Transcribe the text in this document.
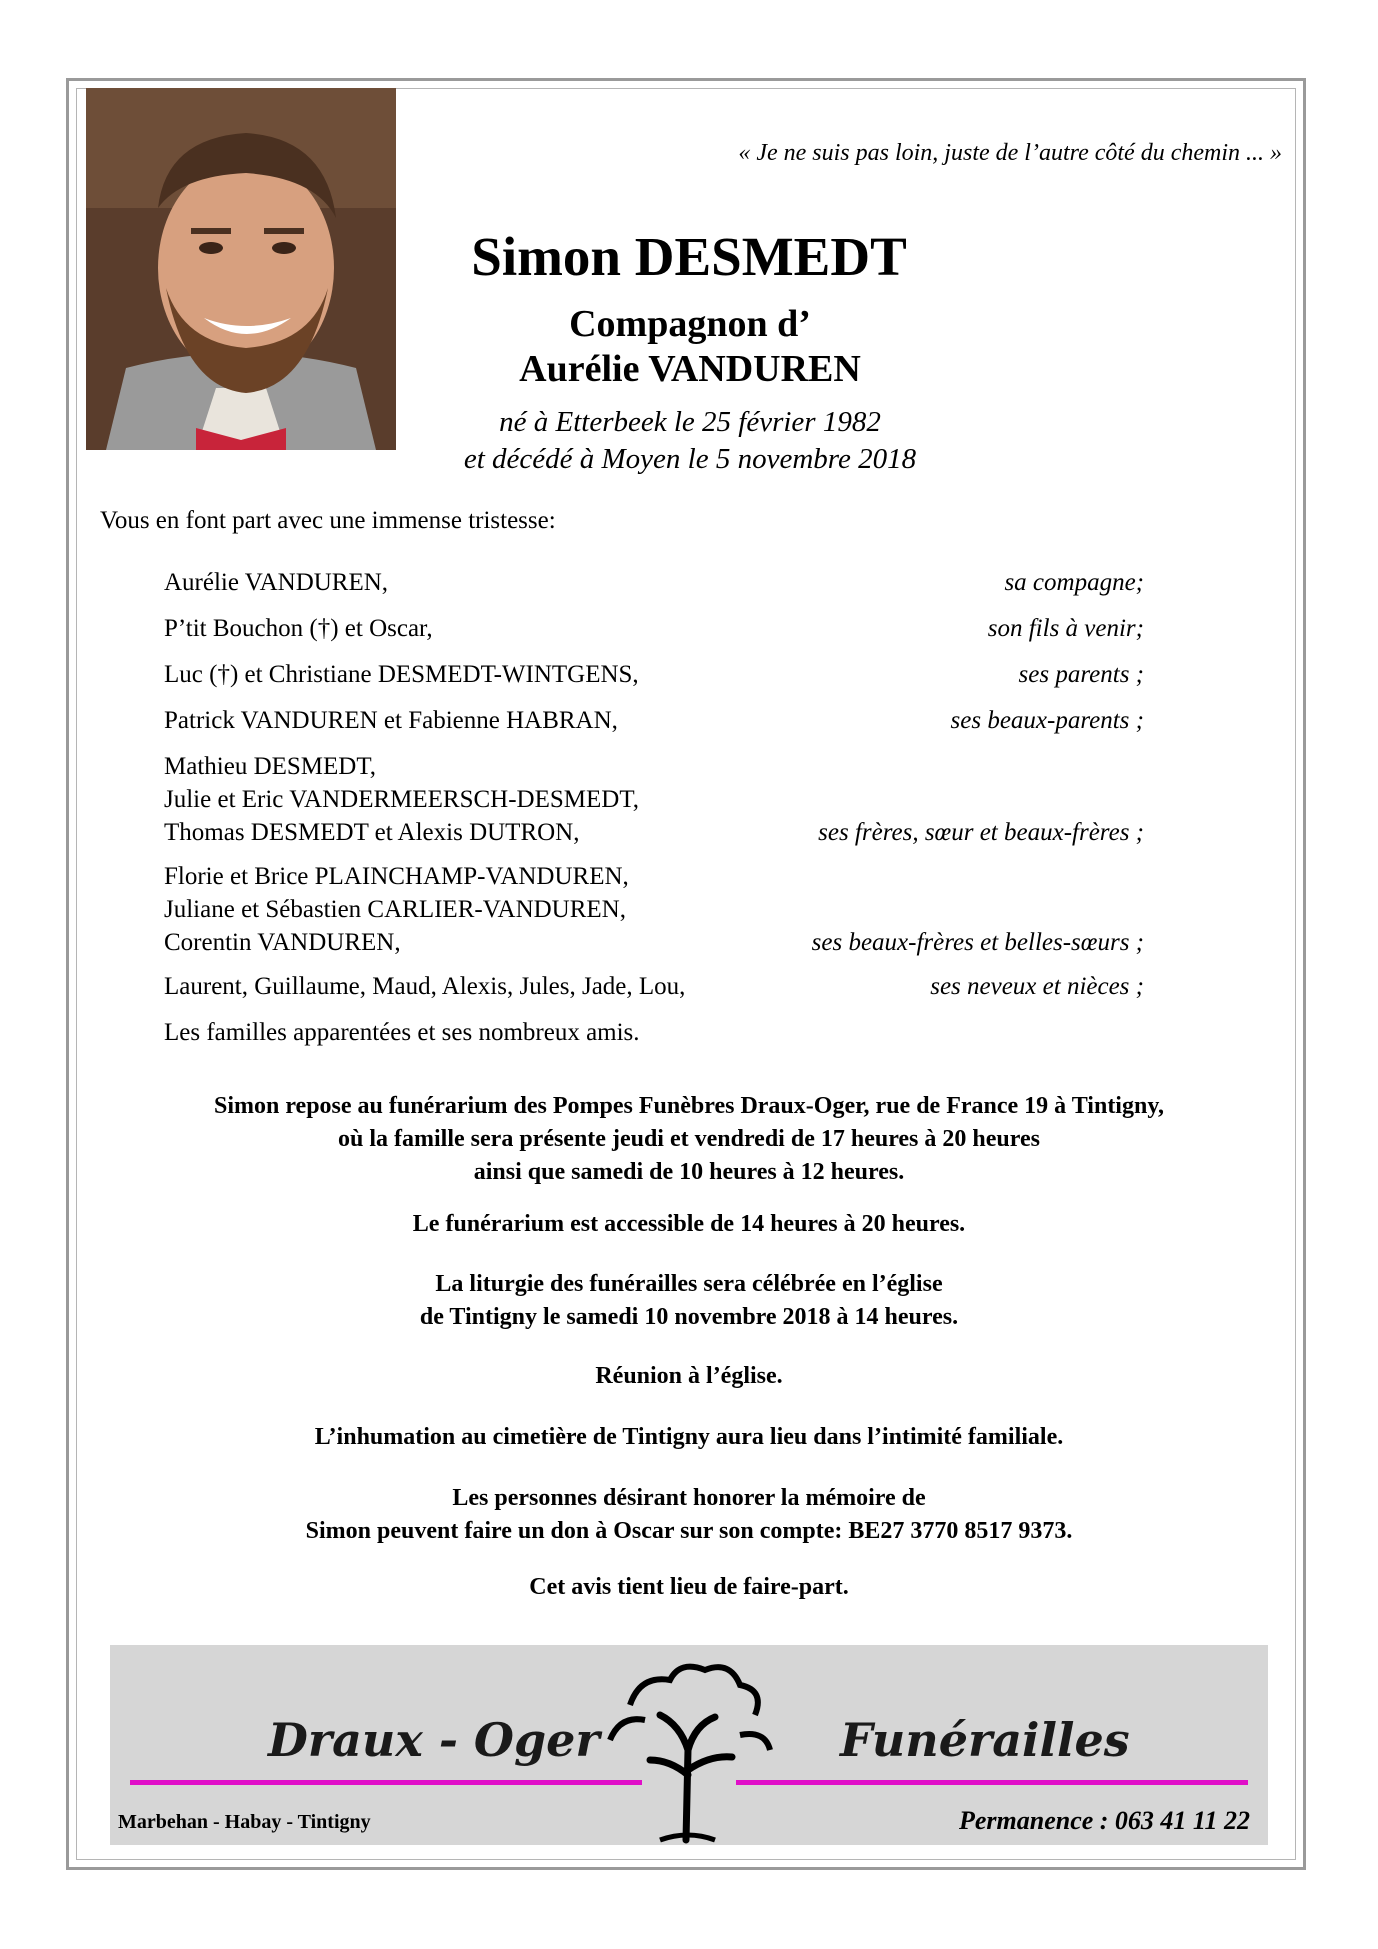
« Je ne suis pas loin, juste de l’autre côté du chemin ... »
Simon DESMEDT
Compagnon d’
Aurélie VANDUREN
né à Etterbeek le 25 février 1982
et décédé à Moyen le 5 novembre 2018
Vous en font part avec une immense tristesse:
Aurélie VANDUREN,	sa compagne;
P’tit Bouchon (†) et Oscar,	son fils à venir;
Luc (†) et Christiane DESMEDT-WINTGENS,	ses parents ;
Patrick VANDUREN et Fabienne HABRAN,	ses beaux-parents ;
Mathieu DESMEDT,
Julie et Eric VANDERMEERSCH-DESMEDT,
Thomas DESMEDT et Alexis DUTRON,	ses frères, sœur et beaux-frères ;
Florie et Brice PLAINCHAMP-VANDUREN,
Juliane et Sébastien CARLIER-VANDUREN,
Corentin VANDUREN,	ses beaux-frères et belles-sœurs ;
Laurent, Guillaume, Maud, Alexis, Jules, Jade, Lou,	ses neveux et nièces ;
Les familles apparentées et ses nombreux amis.
Simon repose au funérarium des Pompes Funèbres Draux-Oger, rue de France 19 à Tintigny,
où la famille sera présente jeudi et vendredi de 17 heures à 20 heures
ainsi que samedi de 10 heures à 12 heures.
Le funérarium est accessible de 14 heures à 20 heures.
La liturgie des funérailles sera célébrée en l’église
de Tintigny le samedi 10 novembre 2018 à 14 heures.
Réunion à l’église.
L’inhumation au cimetière de Tintigny aura lieu dans l’intimité familiale.
Les personnes désirant honorer la mémoire de
Simon peuvent faire un don à Oscar sur son compte: BE27 3770 8517 9373.
Cet avis tient lieu de faire-part.
Draux - Oger	Funérailles
Marbehan - Habay - Tintigny	Permanence : 063 41 11 22
